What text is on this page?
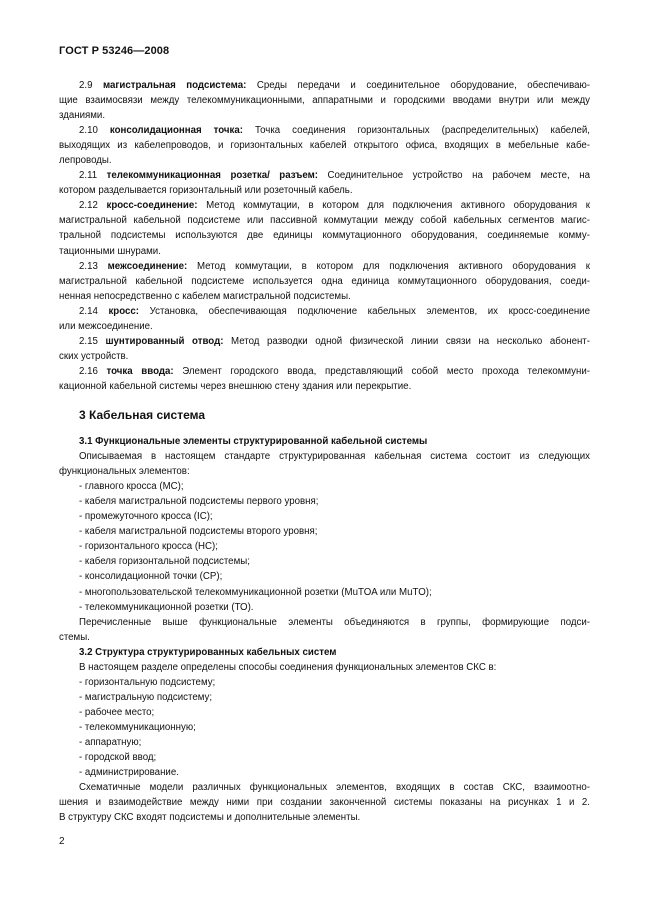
ГОСТ Р 53246—2008
2.9 магистральная подсистема: Среды передачи и соединительное оборудование, обеспечиваю-
щие взаимосвязи между телекоммуникационными, аппаратными и городскими вводами внутри или между
зданиями.
2.10 консолидационная точка: Точка соединения горизонтальных (распределительных) кабелей,
выходящих из кабелепроводов, и горизонтальных кабелей открытого офиса, входящих в мебельные кабе-
лепроводы.
2.11 телекоммуникационная розетка/ разъем: Соединительное устройство на рабочем месте, на
котором разделывается горизонтальный или розеточный кабель.
2.12 кросс-соединение: Метод коммутации, в котором для подключения активного оборудования к
магистральной кабельной подсистеме или пассивной коммутации между собой кабельных сегментов магис-
тральной подсистемы используются две единицы коммутационного оборудования, соединяемые комму-
тационными шнурами.
2.13 межсоединение: Метод коммутации, в котором для подключения активного оборудования к
магистральной кабельной подсистеме используется одна единица коммутационного оборудования, соеди-
ненная непосредственно с кабелем магистральной подсистемы.
2.14 кросс: Установка, обеспечивающая подключение кабельных элементов, их кросс-соединение
или межсоединение.
2.15 шунтированный отвод: Метод разводки одной физической линии связи на несколько абонент-
ских устройств.
2.16 точка ввода: Элемент городского ввода, представляющий собой место прохода телекоммуни-
кационной кабельной системы через внешнюю стену здания или перекрытие.

3 Кабельная система

3.1 Функциональные элементы структурированной кабельной системы

Описываемая в настоящем стандарте структурированная кабельная система состоит из следующих
функциональных элементов:
- главного кросса (МС);
- кабеля магистральной подсистемы первого уровня;
- промежуточного кросса (IC);
- кабеля магистральной подсистемы второго уровня;
- горизонтального кросса (НС);
- кабеля горизонтальной подсистемы;
- консолидационной точки (СР);
- многопользовательской телекоммуникационной розетки (MuTOA или MuTO);
- телекоммуникационной розетки (ТО).
Перечисленные выше функциональные элементы объединяются в группы, формирующие подси-
стемы.

3.2 Структура структурированных кабельных систем

В настоящем разделе определены способы соединения функциональных элементов СКС в:

- горизонтальную подсистему;
- магистральную подсистему;
- рабочее место;
- телекоммуникационную;
- аппаратную;
- городской ввод;
- администрирование.
Схематичные модели различных функциональных элементов, входящих в состав СКС, взаимоотно-
шения и взаимодействие между ними при создании законченной системы показаны на рисунках 1 и 2.
В структуру СКС входят подсистемы и дополнительные элементы.
2
